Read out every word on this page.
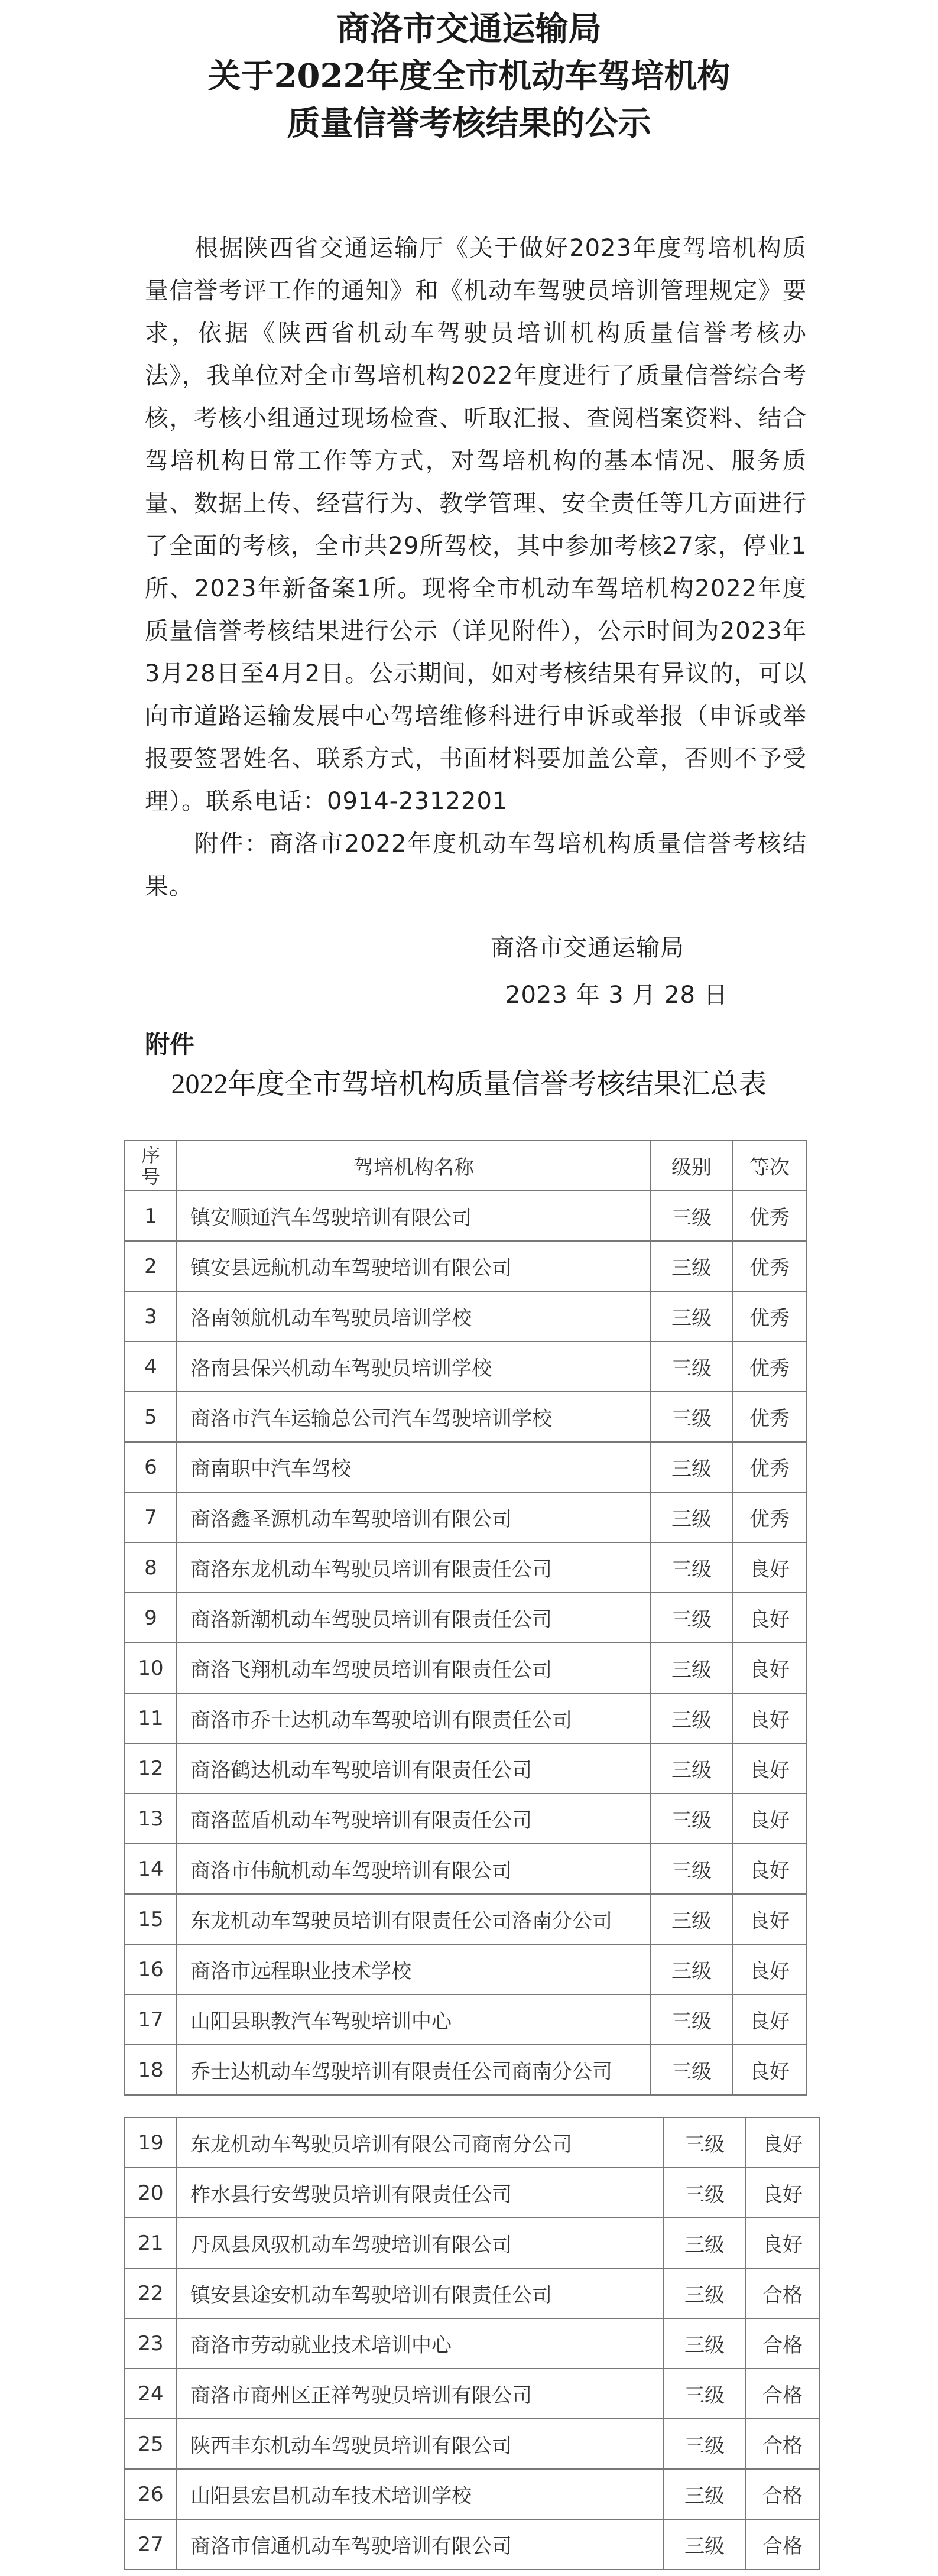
商洛市交通运输局
关于2022年度全市机动车驾培机构
质量信誉考核结果的公示
根据陕西省交通运输厅《关于做好2023年度驾培机构质量信誉考评工作的通知》和《机动车驾驶员培训管理规定》要求，依据《陕西省机动车驾驶员培训机构质量信誉考核办法》，我单位对全市驾培机构2022年度进行了质量信誉综合考核，考核小组通过现场检查、听取汇报、查阅档案资料、结合驾培机构日常工作等方式，对驾培机构的基本情况、服务质量、数据上传、经营行为、教学管理、安全责任等几方面进行了全面的考核，全市共29所驾校，其中参加考核27家，停业1所、2023年新备案1所。现将全市机动车驾培机构2022年度质量信誉考核结果进行公示（详见附件），公示时间为2023年3月28日至4月2日。公示期间，如对考核结果有异议的，可以向市道路运输发展中心驾培维修科进行申诉或举报（申诉或举报要签署姓名、联系方式，书面材料要加盖公章，否则不予受理）。联系电话：0914-2312201
附件：商洛市2022年度机动车驾培机构质量信誉考核结果。
商洛市交通运输局
2023 年 3 月 28 日
附件
2022年度全市驾培机构质量信誉考核结果汇总表
序
号	驾培机构名称	级别	等次
1	镇安顺通汽车驾驶培训有限公司	三级	优秀
2	镇安县远航机动车驾驶培训有限公司	三级	优秀
3	洛南领航机动车驾驶员培训学校	三级	优秀
4	洛南县保兴机动车驾驶员培训学校	三级	优秀
5	商洛市汽车运输总公司汽车驾驶培训学校	三级	优秀
6	商南职中汽车驾校	三级	优秀
7	商洛鑫圣源机动车驾驶培训有限公司	三级	优秀
8	商洛东龙机动车驾驶员培训有限责任公司	三级	良好
9	商洛新潮机动车驾驶员培训有限责任公司	三级	良好
10	商洛飞翔机动车驾驶员培训有限责任公司	三级	良好
11	商洛市乔士达机动车驾驶培训有限责任公司	三级	良好
12	商洛鹤达机动车驾驶培训有限责任公司	三级	良好
13	商洛蓝盾机动车驾驶培训有限责任公司	三级	良好
14	商洛市伟航机动车驾驶培训有限公司	三级	良好
15	东龙机动车驾驶员培训有限责任公司洛南分公司	三级	良好
16	商洛市远程职业技术学校	三级	良好
17	山阳县职教汽车驾驶培训中心	三级	良好
18	乔士达机动车驾驶培训有限责任公司商南分公司	三级	良好
19	东龙机动车驾驶员培训有限公司商南分公司	三级	良好
20	柞水县行安驾驶员培训有限责任公司	三级	良好
21	丹凤县凤驭机动车驾驶培训有限公司	三级	良好
22	镇安县途安机动车驾驶培训有限责任公司	三级	合格
23	商洛市劳动就业技术培训中心	三级	合格
24	商洛市商州区正祥驾驶员培训有限公司	三级	合格
25	陕西丰东机动车驾驶员培训有限公司	三级	合格
26	山阳县宏昌机动车技术培训学校	三级	合格
27	商洛市信通机动车驾驶培训有限公司	三级	合格
